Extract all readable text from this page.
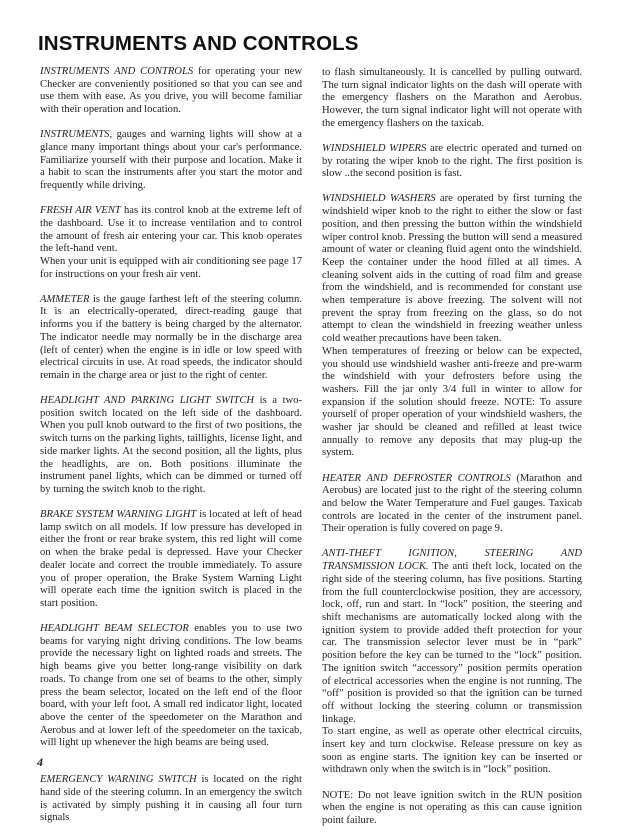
INSTRUMENTS AND CONTROLS

INSTRUMENTS AND CONTROLS for operating your new Checker are conveniently positioned so that you can see and use them with ease. As you drive, you will become familiar with their operation and location.

INSTRUMENTS, gauges and warning lights will show at a glance many important things about your car's performance. Familiarize yourself with their purpose and location. Make it a habit to scan the instruments after you start the motor and frequently while driving.

FRESH AIR VENT has its control knob at the extreme left of the dashboard. Use it to increase ventilation and to control the amount of fresh air entering your car. This knob operates the left-hand vent.

When your unit is equipped with air conditioning see page 17 for instructions on your fresh air vent.

AMMETER is the gauge farthest left of the steering column. It is an electrically-operated, direct-reading gauge that informs you if the battery is being charged by the alternator. The indicator needle may normally be in the discharge area (left of center) when the engine is in idle or low speed with electrical circuits in use. At road speeds, the indicator should remain in the charge area or just to the right of center.

HEADLIGHT AND PARKING LIGHT SWITCH is a two-position switch located on the left side of the dashboard. When you pull knob outward to the first of two positions, the switch turns on the parking lights, taillights, license light, and side marker lights. At the second position, all the lights, plus the headlights, are on. Both positions illuminate the instrument panel lights, which can be dimmed or turned off by turning the switch knob to the right.

BRAKE SYSTEM WARNING LIGHT is located at left of head lamp switch on all models. If low pressure has developed in either the front or rear brake system, this red light will come on when the brake pedal is depressed. Have your Checker dealer locate and correct the trouble immediately. To assure you of proper operation, the Brake System Warning Light will operate each time the ignition switch is placed in the start position.

HEADLIGHT BEAM SELECTOR enables you to use two beams for varying night driving conditions. The low beams provide the necessary light on lighted roads and streets. The high beams give you better long-range visibility on dark roads. To change from one set of beams to the other, simply press the beam selector, located on the left end of the floor board, with your left foot. A small red indicator light, located above the center of the speedometer on the Marathon and Aerobus and at lower left of the speedometer on the taxicab, will light up whenever the high beams are being used.

EMERGENCY WARNING SWITCH is located on the right hand side of the steering column. In an emergency the switch is activated by simply pushing it in causing all four turn signals

to flash simultaneously. It is cancelled by pulling outward. The turn signal indicator lights on the dash will operate with the emergency flashers on the Marathon and Aerobus. However, the turn signal indicator light will not operate with the emergency flashers on the taxicab.

WINDSHIELD WIPERS are electric operated and turned on by rotating the wiper knob to the right. The first position is slow ..the second position is fast.

WINDSHIELD WASHERS are operated by first turning the windshield wiper knob to the right to either the slow or fast position, and then pressing the button within the windshield wiper control knob. Pressing the button will send a measured amount of water or cleaning fluid agent onto the windshield. Keep the container under the hood filled at all times. A cleaning solvent aids in the cutting of road film and grease from the windshield, and is recommended for constant use when temperature is above freezing. The solvent will not prevent the spray from freezing on the glass, so do not attempt to clean the windshield in freezing weather unless cold weather precautions have been taken.

When temperatures of freezing or below can be expected, you should use windshield washer anti-freeze and pre-warm the windshield with your defrosters before using the washers. Fill the jar only 3/4 full in winter to allow for expansion if the solution should freeze. NOTE: To assure yourself of proper operation of your windshield washers, the washer jar should be cleaned and refilled at least twice annually to remove any deposits that may plug-up the system.

HEATER AND DEFROSTER CONTROLS (Marathon and Aerobus) are located just to the right of the steering column and below the Water Temperature and Fuel gauges. Taxicab controls are located in the center of the instrument panel. Their operation is fully covered on page 9.

ANTI-THEFT IGNITION, STEERING AND TRANSMISSION LOCK. The anti theft lock, located on the right side of the steering column, has five positions. Starting from the full counterclockwise position, they are accessory, lock, off, run and start. In “lock” position, the steering and shift mechanisms are automatically locked along with the ignition system to provide added theft protection for your car. The transmission selector lever must be in “park” position before the key can be turned to the “lock” position. The ignition switch “accessory” position permits operation of electrical accessories when the engine is not running. The “off” position is provided so that the ignition can be turned off without locking the steering column or transmission linkage.

To start engine, as well as operate other electrical circuits, insert key and turn clockwise. Release pressure on key as soon as engine starts. The ignition key can be inserted or withdrawn only when the switch is in “lock” position.

NOTE: Do not leave ignition switch in the RUN position when the engine is not operating as this can cause ignition point failure.

4
